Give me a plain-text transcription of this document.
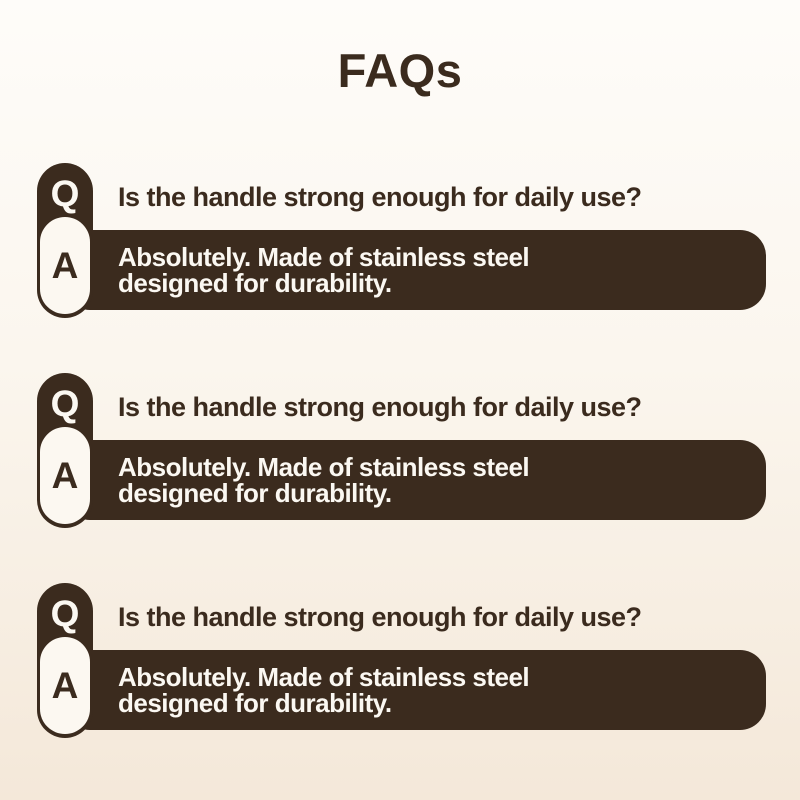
FAQs
Absolutely. Made of stainless steel
designed for durability.
Q
A
Is the handle strong enough for daily use?
Absolutely. Made of stainless steel
designed for durability.
Q
A
Is the handle strong enough for daily use?
Absolutely. Made of stainless steel
designed for durability.
Q
A
Is the handle strong enough for daily use?
